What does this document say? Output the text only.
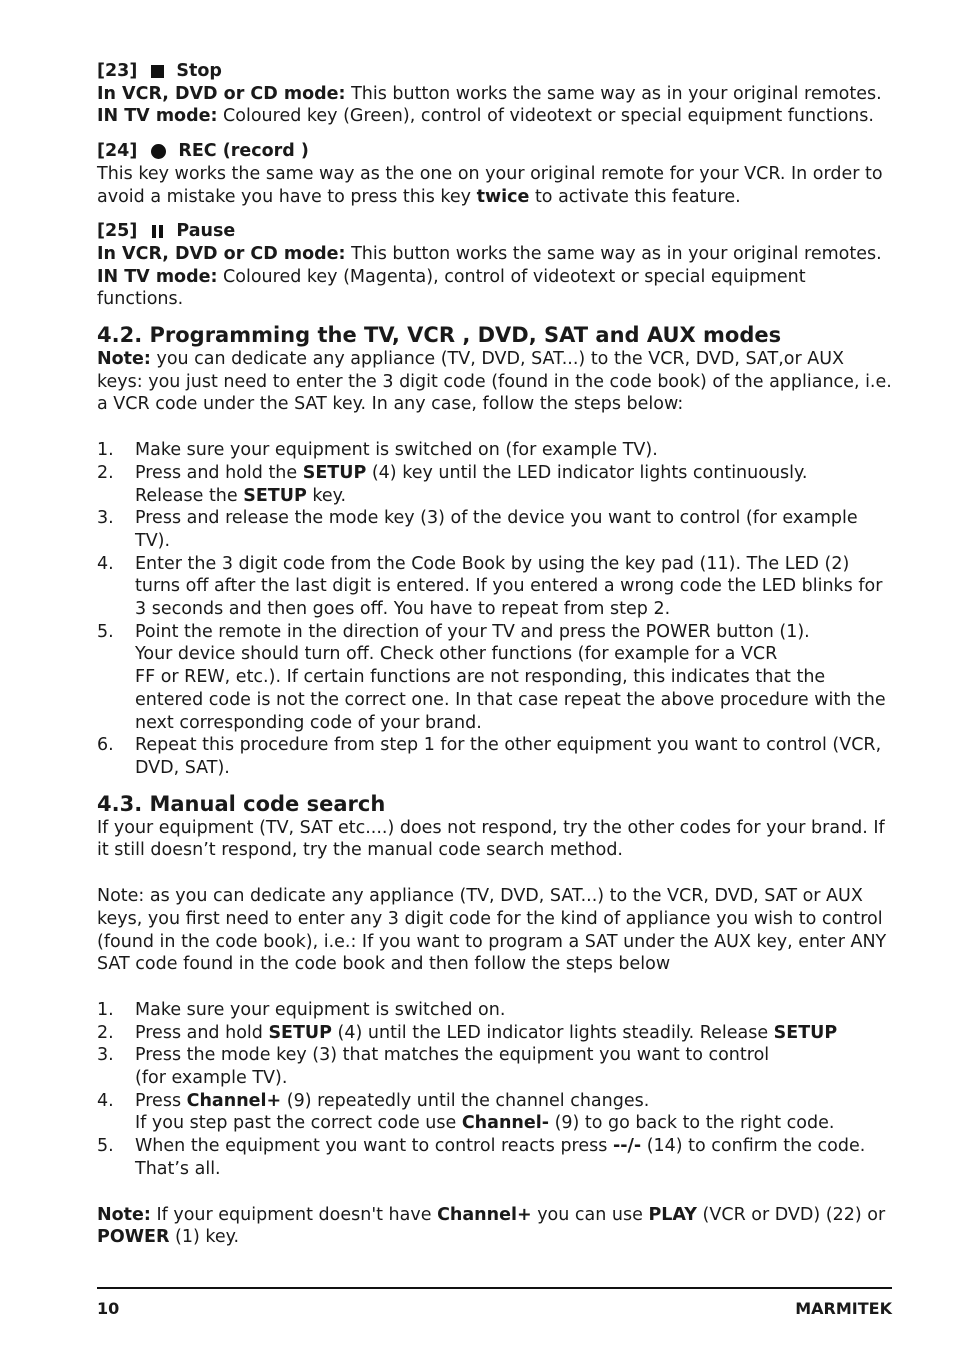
[23] Stop

In VCR, DVD or CD mode: This button works the same way as in your original remotes.

IN TV mode: Coloured key (Green), control of videotext or special equipment functions.

[24] REC (record )

This key works the same way as the one on your original remote for your VCR. In order to avoid a mistake you have to press this key twice to activate this feature.

[25] Pause

In VCR, DVD or CD mode: This button works the same way as in your original remotes.

IN TV mode: Coloured key (Magenta), control of videotext or special equipment functions.

4.2. Programming the TV, VCR , DVD, SAT and AUX modes

Note: you can dedicate any appliance (TV, DVD, SAT...) to the VCR, DVD, SAT,or AUX keys: you just need to enter the 3 digit code (found in the code book) of the appliance, i.e. a VCR code under the SAT key. In any case, follow the steps below:

1. Make sure your equipment is switched on (for example TV).
2. Press and hold the SETUP (4) key until the LED indicator lights continuously.
Release the SETUP key.
3. Press and release the mode key (3) of the device you want to control (for example TV).
4. Enter the 3 digit code from the Code Book by using the key pad (11). The LED (2) turns off after the last digit is entered. If you entered a wrong code the LED blinks for 3 seconds and then goes off. You have to repeat from step 2.
5. Point the remote in the direction of your TV and press the POWER button (1).
Your device should turn off. Check other functions (for example for a VCR
FF or REW, etc.). If certain functions are not responding, this indicates that the entered code is not the correct one. In that case repeat the above procedure with the next corresponding code of your brand.
6. Repeat this procedure from step 1 for the other equipment you want to control (VCR, DVD, SAT).
4.3. Manual code search

If your equipment (TV, SAT etc....) does not respond, try the other codes for your brand. If it still doesn’t respond, try the manual code search method.

Note: as you can dedicate any appliance (TV, DVD, SAT...) to the VCR, DVD, SAT or AUX keys, you first need to enter any 3 digit code for the kind of appliance you wish to control (found in the code book), i.e.: If you want to program a SAT under the AUX key, enter ANY SAT code found in the code book and then follow the steps below

1. Make sure your equipment is switched on.
2. Press and hold SETUP (4) until the LED indicator lights steadily. Release SETUP
3. Press the mode key (3) that matches the equipment you want to control
(for example TV).
4. Press Channel+ (9) repeatedly until the channel changes.
If you step past the correct code use Channel- (9) to go back to the right code.
5. When the equipment you want to control reacts press --/- (14) to confirm the code.
That’s all.

Note: If your equipment doesn't have Channel+ you can use PLAY (VCR or DVD) (22) or POWER (1) key.

10	MARMITEK
